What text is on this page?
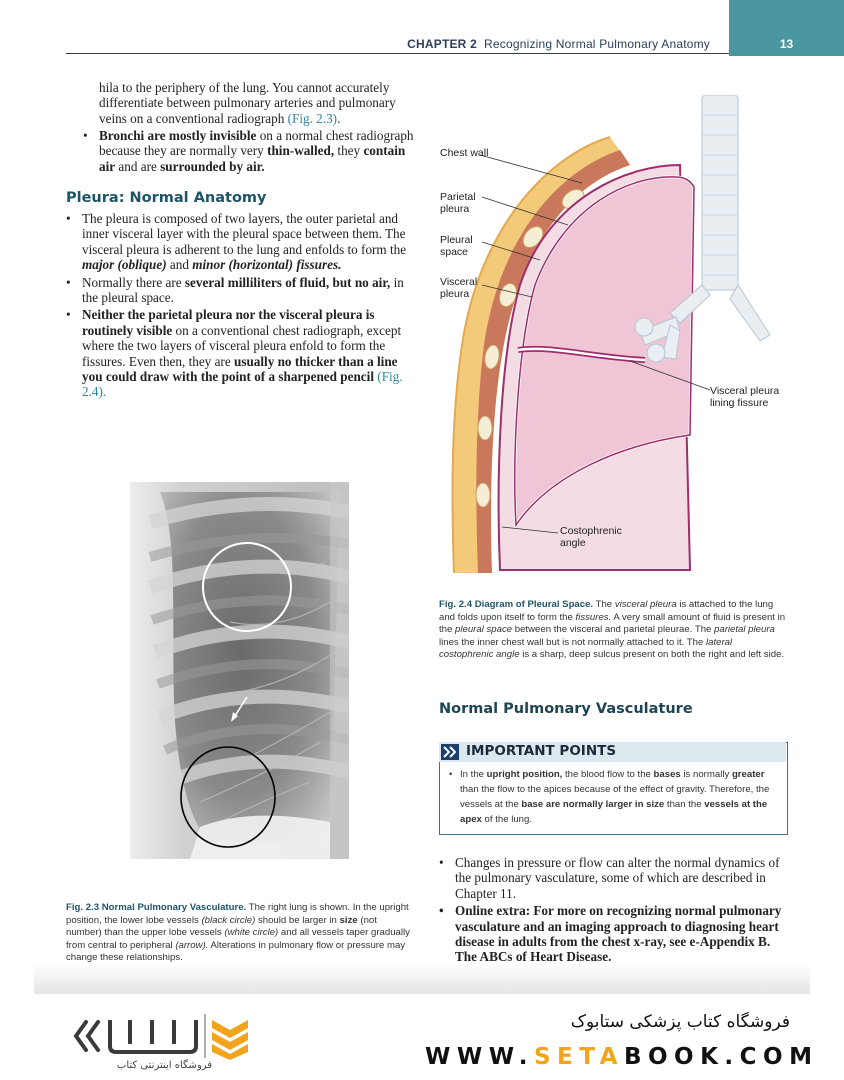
CHAPTER 2 Recognizing Normal Pulmonary Anatomy	13
hila to the periphery of the lung. You cannot accurately differentiate between pulmonary arteries and pulmonary veins on a conventional radiograph (Fig. 2.3).
• Bronchi are mostly invisible on a normal chest radiograph because they are normally very thin-walled, they contain air and are surrounded by air.
Pleura: Normal Anatomy
• The pleura is composed of two layers, the outer parietal and inner visceral layer with the pleural space between them. The visceral pleura is adherent to the lung and enfolds to form the major (oblique) and minor (horizontal) fissures.
• Normally there are several milliliters of fluid, but no air, in the pleural space.
• Neither the parietal pleura nor the visceral pleura is routinely visible on a conventional chest radiograph, except where the two layers of visceral pleura enfold to form the fissures. Even then, they are usually no thicker than a line you could draw with the point of a sharpened pencil (Fig. 2.4).
Fig. 2.3 Normal Pulmonary Vasculature. The right lung is shown. In the upright position, the lower lobe vessels (black circle) should be larger in size (not number) than the upper lobe vessels (white circle) and all vessels taper gradually from central to peripheral (arrow). Alterations in pulmonary flow or pressure may change these relationships.
Chest wall
Parietal pleura
Pleural space
Visceral pleura
Visceral pleura lining fissure
Costophrenic angle
Fig. 2.4 Diagram of Pleural Space. The visceral pleura is attached to the lung and folds upon itself to form the fissures. A very small amount of fluid is present in the pleural space between the visceral and parietal pleurae. The parietal pleura lines the inner chest wall but is not normally attached to it. The lateral costophrenic angle is a sharp, deep sulcus present on both the right and left side.
Normal Pulmonary Vasculature
IMPORTANT POINTS
• In the upright position, the blood flow to the bases is normally greater than the flow to the apices because of the effect of gravity. Therefore, the vessels at the base are normally larger in size than the vessels at the apex of the lung.
• Changes in pressure or flow can alter the normal dynamics of the pulmonary vasculature, some of which are described in Chapter 11.
• Online extra: For more on recognizing normal pulmonary vasculature and an imaging approach to diagnosing heart disease in adults from the chest x-ray, see e-Appendix B. The ABCs of Heart Disease.
فروشگاه اینترنتی کتاب
فروشگاه کتاب پزشکی ستابوک
WWW.SETABOOK.COM
